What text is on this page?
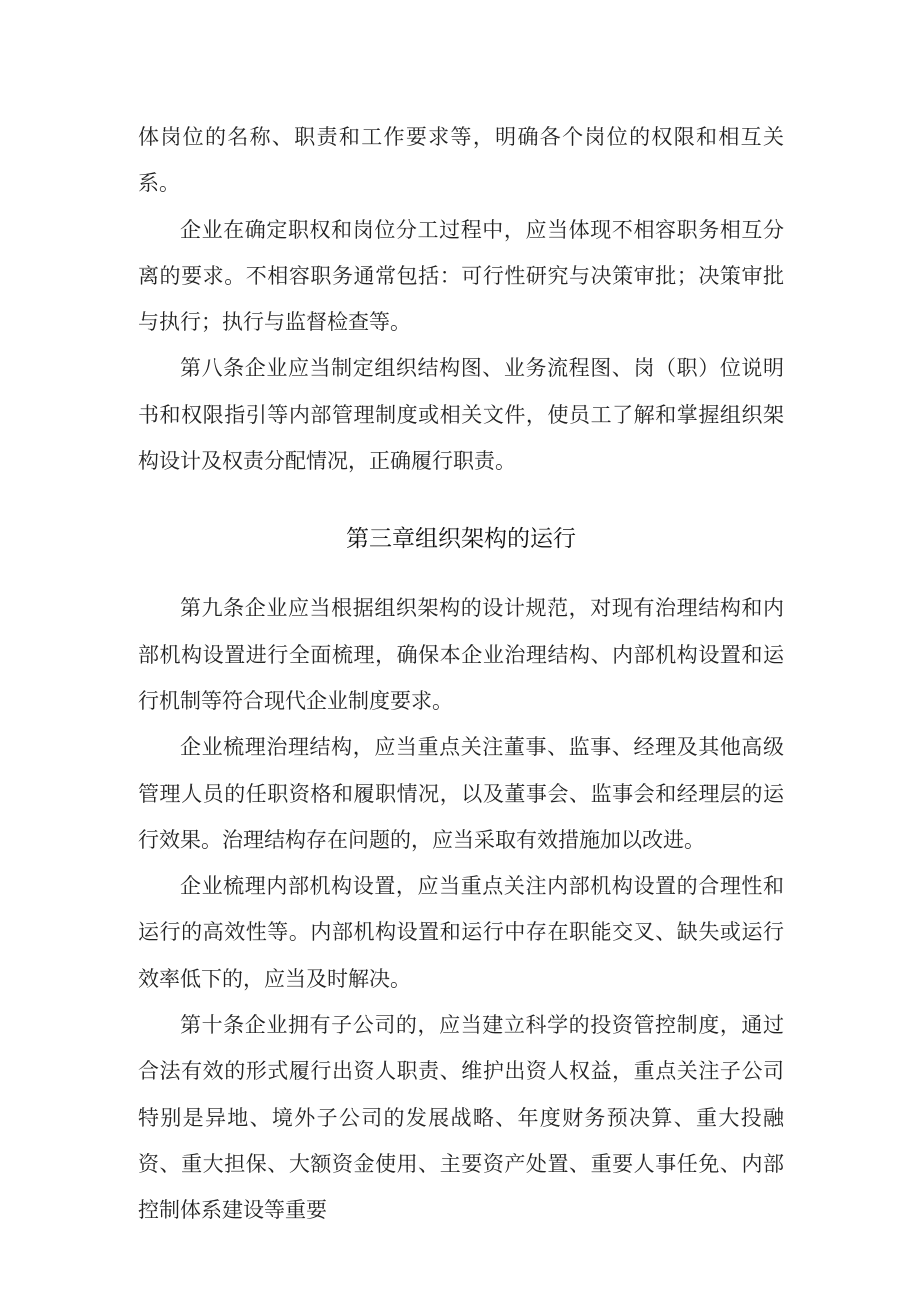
体岗位的名称、职责和工作要求等，明确各个岗位的权限和相互关系。

企业在确定职权和岗位分工过程中，应当体现不相容职务相互分离的要求。不相容职务通常包括：可行性研究与决策审批；决策审批与执行；执行与监督检查等。

第八条企业应当制定组织结构图、业务流程图、岗（职）位说明书和权限指引等内部管理制度或相关文件，使员工了解和掌握组织架构设计及权责分配情况，正确履行职责。

第三章组织架构的运行

第九条企业应当根据组织架构的设计规范，对现有治理结构和内部机构设置进行全面梳理，确保本企业治理结构、内部机构设置和运行机制等符合现代企业制度要求。

企业梳理治理结构，应当重点关注董事、监事、经理及其他高级管理人员的任职资格和履职情况，以及董事会、监事会和经理层的运行效果。治理结构存在问题的，应当采取有效措施加以改进。

企业梳理内部机构设置，应当重点关注内部机构设置的合理性和运行的高效性等。内部机构设置和运行中存在职能交叉、缺失或运行效率低下的，应当及时解决。

第十条企业拥有子公司的，应当建立科学的投资管控制度，通过合法有效的形式履行出资人职责、维护出资人权益，重点关注子公司特别是异地、境外子公司的发展战略、年度财务预决算、重大投融资、重大担保、大额资金使用、主要资产处置、重要人事任免、内部控制体系建设等重要
